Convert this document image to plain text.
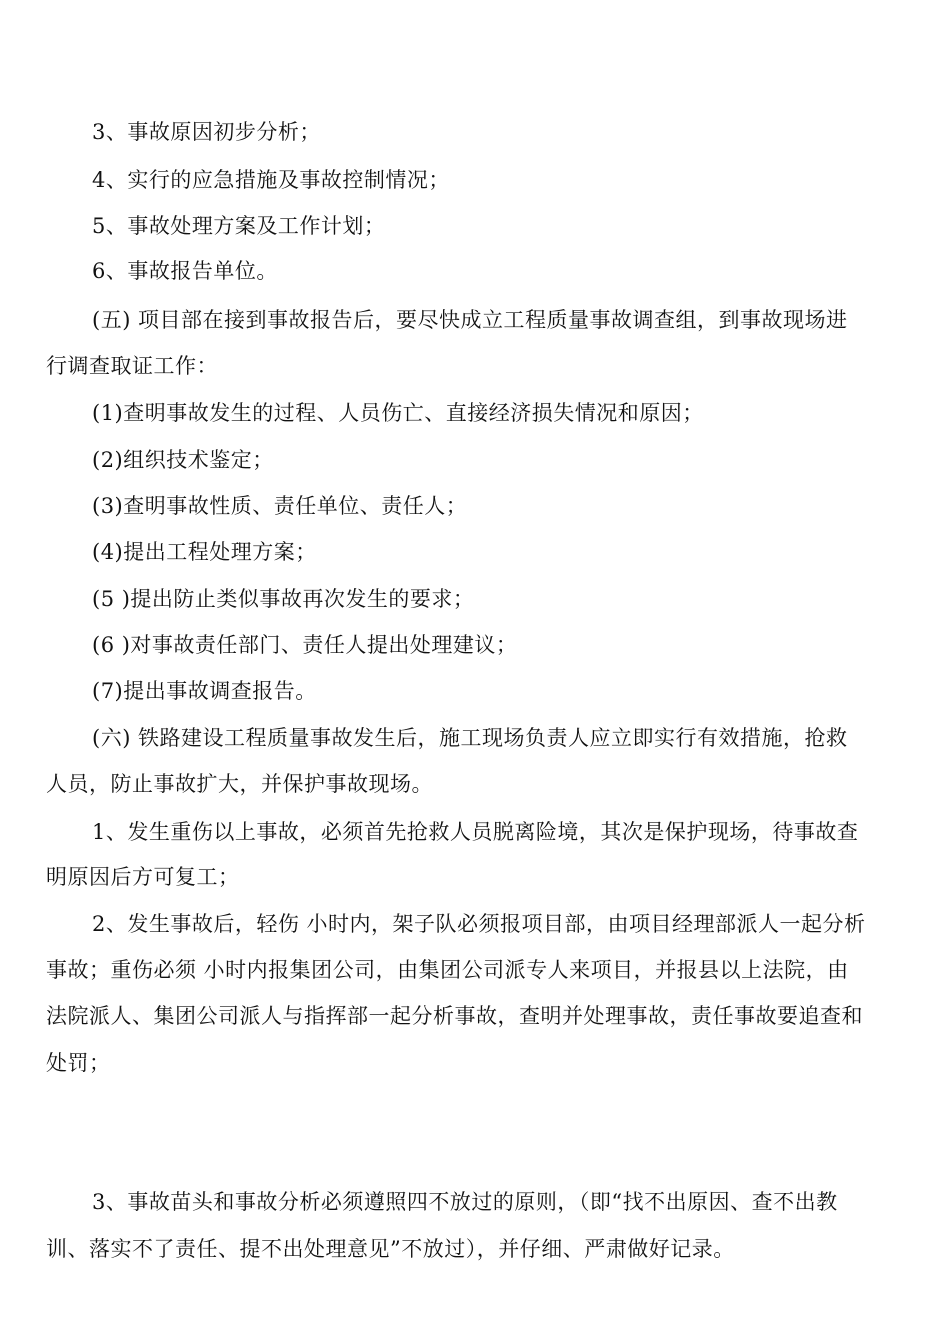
3、事故原因初步分析；
4、实行的应急措施及事故控制情况；
5、事故处理方案及工作计划；
6、事故报告单位。
(五) 项目部在接到事故报告后，要尽快成立工程质量事故调查组，到事故现场进
行调查取证工作：
(1)查明事故发生的过程、人员伤亡、直接经济损失情况和原因；
(2)组织技术鉴定；
(3)查明事故性质、责任单位、责任人；
(4)提出工程处理方案；
(5 )提出防止类似事故再次发生的要求；
(6 )对事故责任部门、责任人提出处理建议；
(7)提出事故调查报告。
(六) 铁路建设工程质量事故发生后，施工现场负责人应立即实行有效措施，抢救
人员，防止事故扩大，并保护事故现场。
1、发生重伤以上事故，必须首先抢救人员脱离险境，其次是保护现场，待事故查
明原因后方可复工；
2、发生事故后，轻伤 小时内，架子队必须报项目部，由项目经理部派人一起分析
事故；重伤必须 小时内报集团公司，由集团公司派专人来项目，并报县以上法院，由
法院派人、集团公司派人与指挥部一起分析事故，查明并处理事故，责任事故要追查和
处罚；
3、事故苗头和事故分析必须遵照四不放过的原则，（即“找不出原因、查不出教
训、落实不了责任、提不出处理意见”不放过），并仔细、严肃做好记录。
